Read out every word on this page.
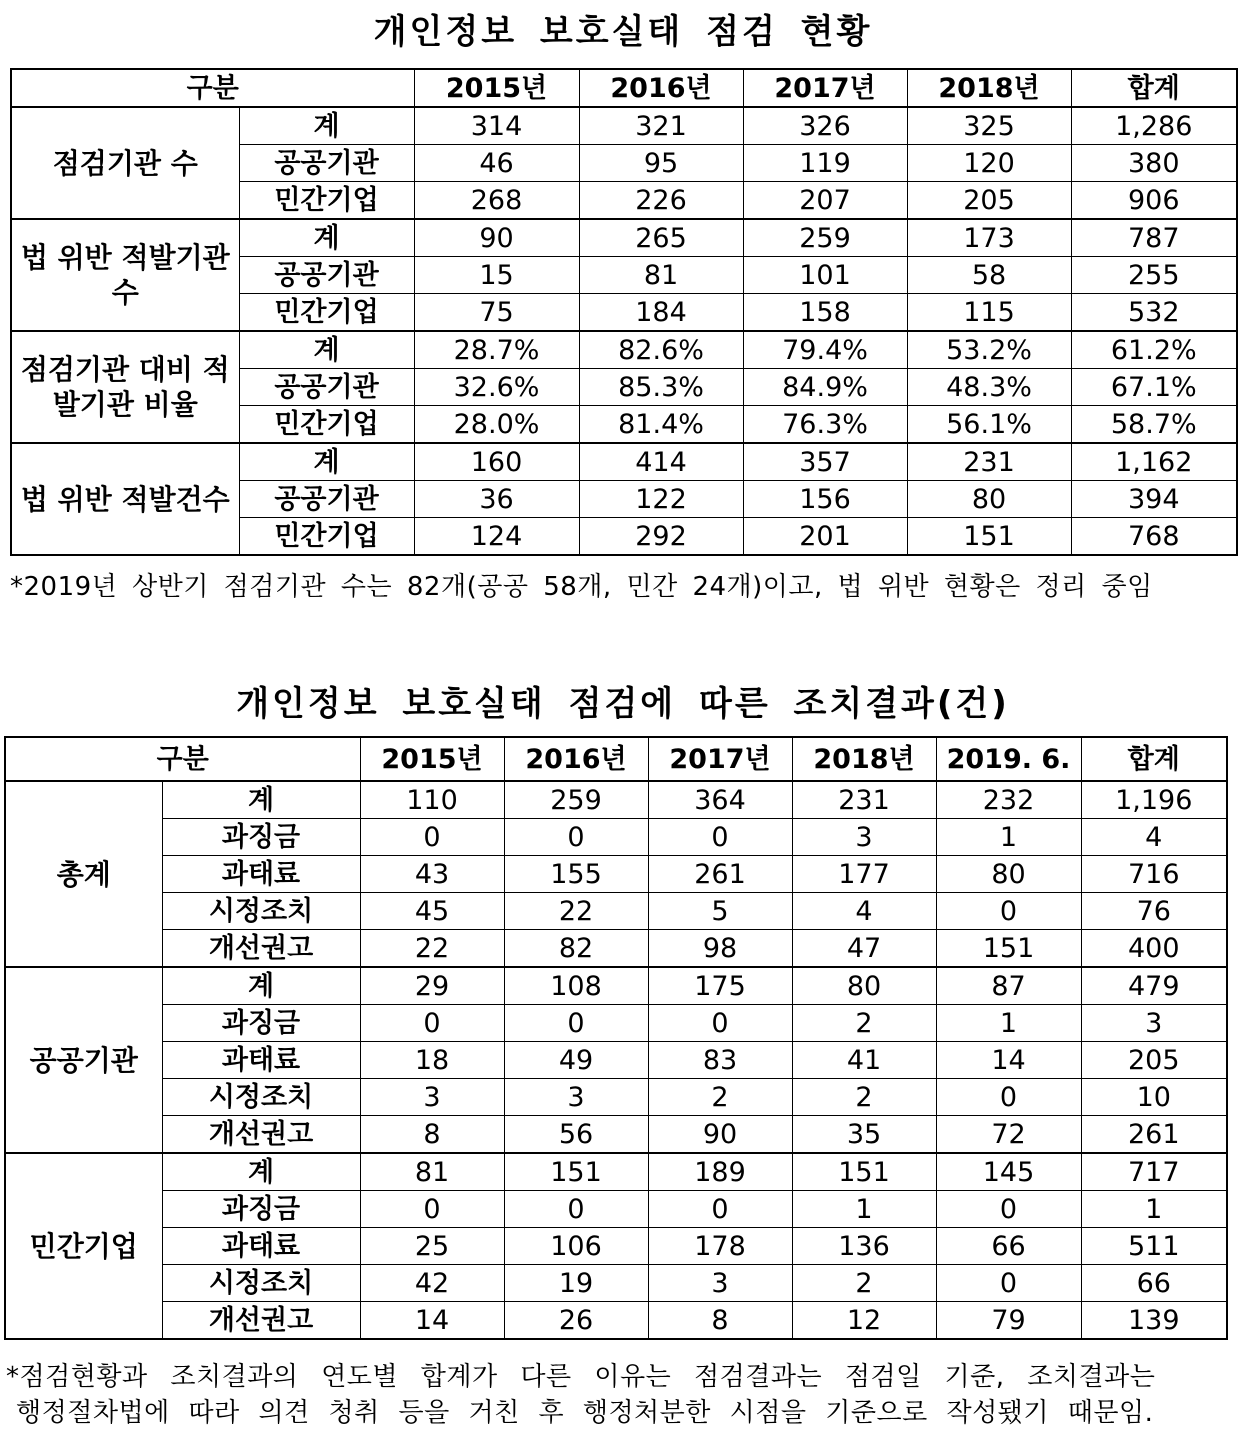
개인정보 보호실태 점검 현황
구분		2015년	2016년	2017년	2018년	합계
점검기관 수	계	314	321	326	325	1,286
	공공기관	46	95	119	120	380
	민간기업	268	226	207	205	906
법 위반 적발기관 수	계	90	265	259	173	787
	공공기관	15	81	101	58	255
	민간기업	75	184	158	115	532
점검기관 대비 적발기관 비율	계	28.7%	82.6%	79.4%	53.2%	61.2%
	공공기관	32.6%	85.3%	84.9%	48.3%	67.1%
	민간기업	28.0%	81.4%	76.3%	56.1%	58.7%
법 위반 적발건수	계	160	414	357	231	1,162
	공공기관	36	122	156	80	394
	민간기업	124	292	201	151	768
*2019년 상반기 점검기관 수는 82개(공공 58개, 민간 24개)이고, 법 위반 현황은 정리 중임
개인정보 보호실태 점검에 따른 조치결과(건)
구분		2015년	2016년	2017년	2018년	2019. 6.	합계
총계	계	110	259	364	231	232	1,196
	과징금	0	0	0	3	1	4
	과태료	43	155	261	177	80	716
	시정조치	45	22	5	4	0	76
	개선권고	22	82	98	47	151	400
공공기관	계	29	108	175	80	87	479
	과징금	0	0	0	2	1	3
	과태료	18	49	83	41	14	205
	시정조치	3	3	2	2	0	10
	개선권고	8	56	90	35	72	261
민간기업	계	81	151	189	151	145	717
	과징금	0	0	0	1	0	1
	과태료	25	106	178	136	66	511
	시정조치	42	19	3	2	0	66
	개선권고	14	26	8	12	79	139
*점검현황과 조치결과의 연도별 합계가 다른 이유는 점검결과는 점검일 기준, 조치결과는
행정절차법에 따라 의견 청취 등을 거친 후 행정처분한 시점을 기준으로 작성됐기 때문임.
